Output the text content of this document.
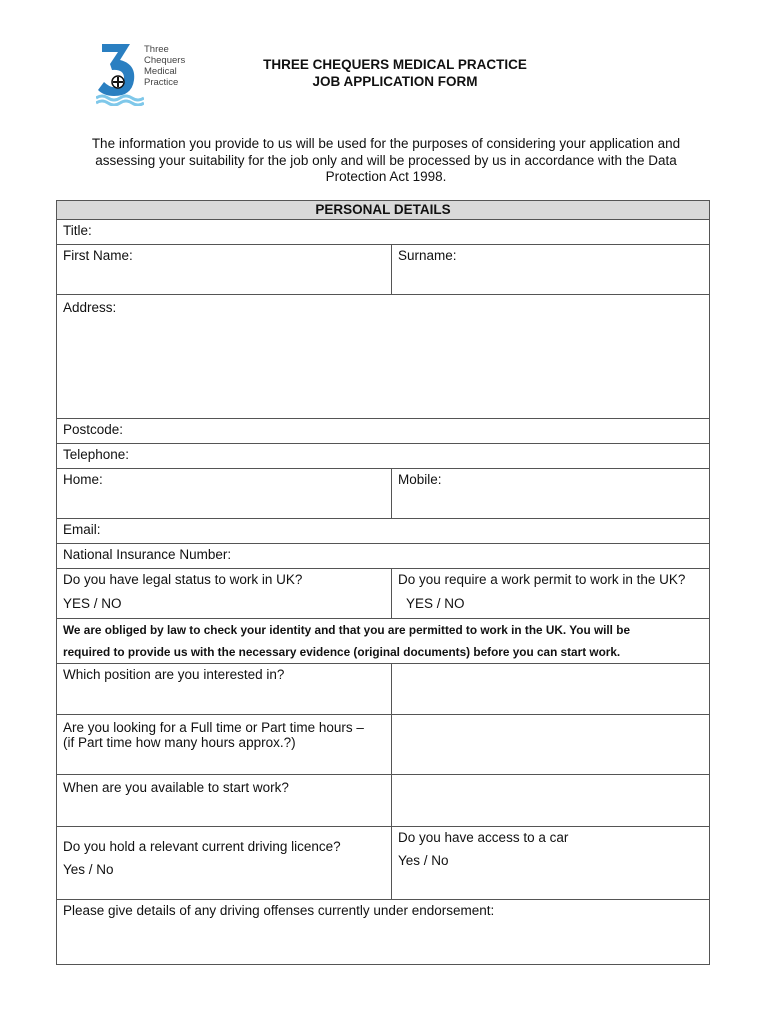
Three
Chequers
Medical
Practice
THREE CHEQUERS MEDICAL PRACTICE
JOB APPLICATION FORM
The information you provide to us will be used for the purposes of considering your application and assessing your suitability for the job only and will be processed by us in accordance with the Data Protection Act 1998.
PERSONAL DETAILS
Title:
First Name:	Surname:
Address:
Postcode:
Telephone:
Home:	Mobile:
Email:
National Insurance Number:
Do you have legal status to work in UK?
YES / NO
Do you require a work permit to work in the UK?
YES / NO
We are obliged by law to check your identity and that you are permitted to work in the UK. You will be
required to provide us with the necessary evidence (original documents) before you can start work.
Which position are you interested in?
Are you looking for a Full time or Part time hours –
(if Part time how many hours approx.?)
When are you available to start work?
Do you hold a relevant current driving licence?
Yes / No
Do you have access to a car
Yes / No
Please give details of any driving offenses currently under endorsement:
